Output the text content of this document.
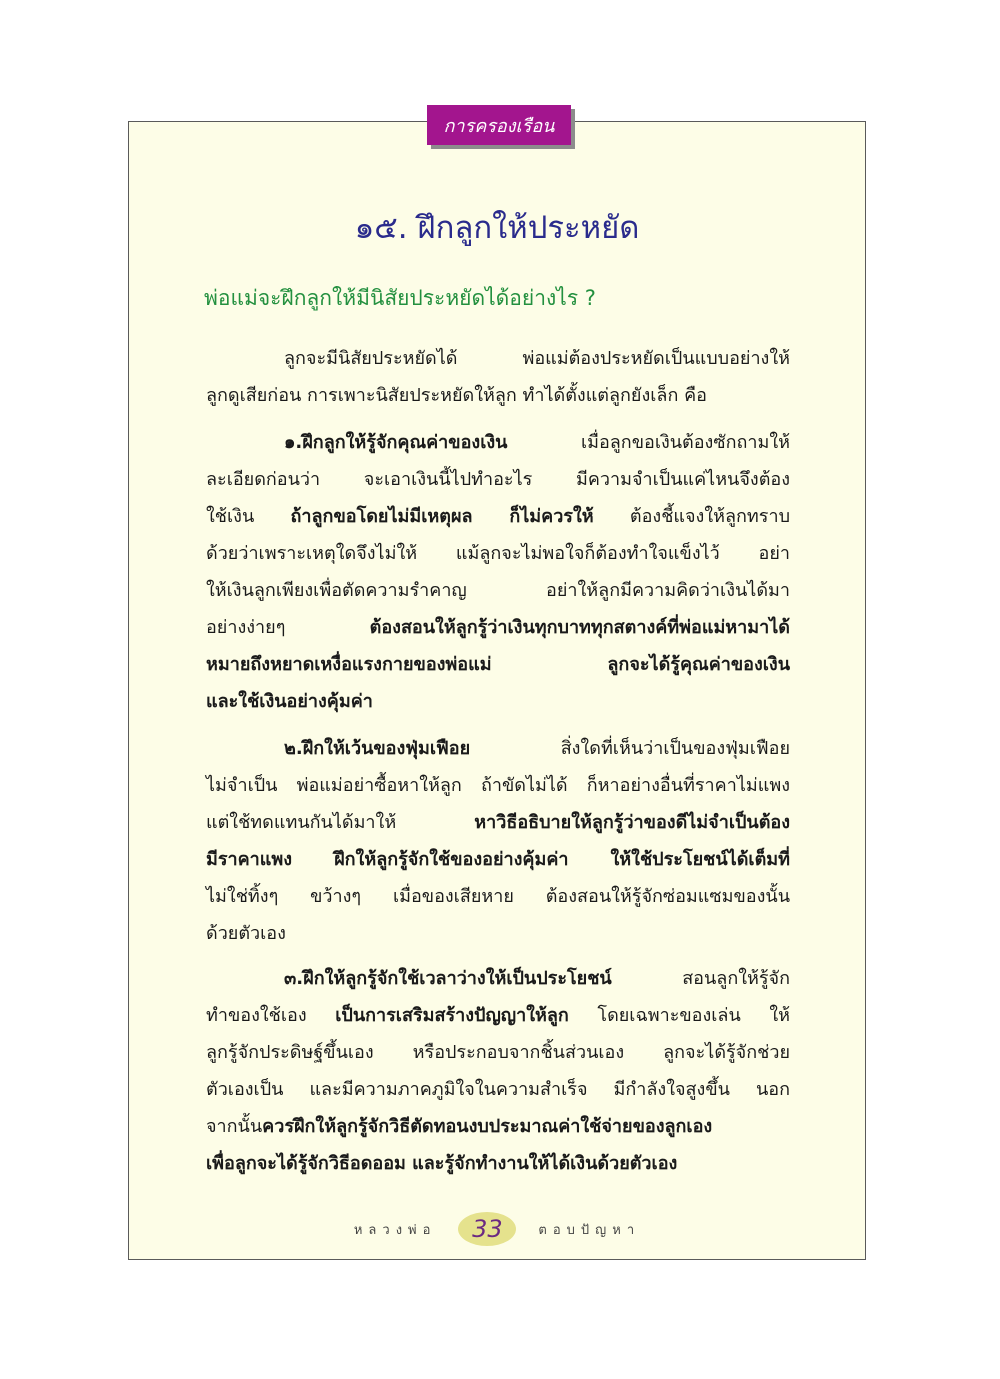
การครองเรือน
๑๕. ฝึกลูกให้ประหยัด
พ่อแม่จะฝึกลูกให้มีนิสัยประหยัดได้อย่างไร ?
ลูกจะมีนิสัยประหยัดได้ พ่อแม่ต้องประหยัดเป็นแบบอย่างให้
ลูกดูเสียก่อน การเพาะนิสัยประหยัดให้ลูก ทำได้ตั้งแต่ลูกยังเล็ก คือ
๑.ฝึกลูกให้รู้จักคุณค่าของเงิน เมื่อลูกขอเงินต้องซักถามให้
ละเอียดก่อนว่า จะเอาเงินนี้ไปทำอะไร มีความจำเป็นแค่ไหนจึงต้อง
ใช้เงิน ถ้าลูกขอโดยไม่มีเหตุผล ก็ไม่ควรให้ ต้องชี้แจงให้ลูกทราบ
ด้วยว่าเพราะเหตุใดจึงไม่ให้ แม้ลูกจะไม่พอใจก็ต้องทำใจแข็งไว้ อย่า
ให้เงินลูกเพียงเพื่อตัดความรำคาญ อย่าให้ลูกมีความคิดว่าเงินได้มา
อย่างง่ายๆ ต้องสอนให้ลูกรู้ว่าเงินทุกบาททุกสตางค์ที่พ่อแม่หามาได้
หมายถึงหยาดเหงื่อแรงกายของพ่อแม่ ลูกจะได้รู้คุณค่าของเงิน
และใช้เงินอย่างคุ้มค่า
๒.ฝึกให้เว้นของฟุ่มเฟือย สิ่งใดที่เห็นว่าเป็นของฟุ่มเฟือย
ไม่จำเป็น พ่อแม่อย่าซื้อหาให้ลูก ถ้าขัดไม่ได้ ก็หาอย่างอื่นที่ราคาไม่แพง
แต่ใช้ทดแทนกันได้มาให้ หาวิธีอธิบายให้ลูกรู้ว่าของดีไม่จำเป็นต้อง
มีราคาแพง ฝึกให้ลูกรู้จักใช้ของอย่างคุ้มค่า ให้ใช้ประโยชน์ได้เต็มที่
ไม่ใช่ทิ้งๆ ขว้างๆ เมื่อของเสียหาย ต้องสอนให้รู้จักซ่อมแซมของนั้น
ด้วยตัวเอง
๓.ฝึกให้ลูกรู้จักใช้เวลาว่างให้เป็นประโยชน์ สอนลูกให้รู้จัก
ทำของใช้เอง เป็นการเสริมสร้างปัญญาให้ลูก โดยเฉพาะของเล่น ให้
ลูกรู้จักประดิษฐ์ขึ้นเอง หรือประกอบจากชิ้นส่วนเอง ลูกจะได้รู้จักช่วย
ตัวเองเป็น และมีความภาคภูมิใจในความสำเร็จ มีกำลังใจสูงขึ้น นอก
จากนั้นควรฝึกให้ลูกรู้จักวิธีตัดทอนงบประมาณค่าใช้จ่ายของลูกเอง
เพื่อลูกจะได้รู้จักวิธีอดออม และรู้จักทำงานให้ได้เงินด้วยตัวเอง
หลวงพ่อ 33	ตอบปัญหา
